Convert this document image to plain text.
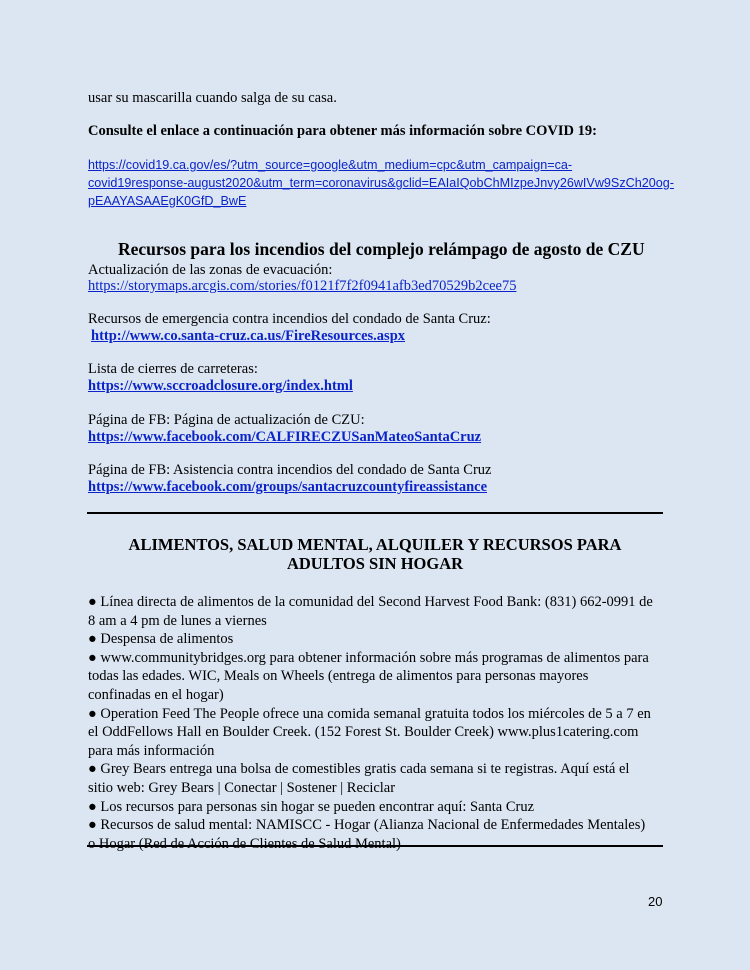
usar su mascarilla cuando salga de su casa.
Consulte el enlace a continuación para obtener más información sobre COVID 19:
https://covid19.ca.gov/es/?utm_source=google&utm_medium=cpc&utm_campaign=ca-
covid19response-august2020&utm_term=coronavirus&gclid=EAIaIQobChMIzpeJnvy26wIVw9SzCh20og-
pEAAYASAAEgK0GfD_BwE
Recursos para los incendios del complejo relámpago de agosto de CZU
Actualización de las zonas de evacuación:
https://storymaps.arcgis.com/stories/f0121f7f2f0941afb3ed70529b2cee75
Recursos de emergencia contra incendios del condado de Santa Cruz:
http://www.co.santa-cruz.ca.us/FireResources.aspx
Lista de cierres de carreteras:
https://www.sccroadclosure.org/index.html
Página de FB: Página de actualización de CZU:
https://www.facebook.com/CALFIRECZUSanMateoSantaCruz
Página de FB: Asistencia contra incendios del condado de Santa Cruz
https://www.facebook.com/groups/santacruzcountyfireassistance
ALIMENTOS, SALUD MENTAL, ALQUILER Y RECURSOS PARA
ADULTOS SIN HOGAR
● Línea directa de alimentos de la comunidad del Second Harvest Food Bank: (831) 662-0991 de
8 am a 4 pm de lunes a viernes
● Despensa de alimentos
● www.communitybridges.org para obtener información sobre más programas de alimentos para
todas las edades. WIC, Meals on Wheels (entrega de alimentos para personas mayores
confinadas en el hogar)
● Operation Feed The People ofrece una comida semanal gratuita todos los miércoles de 5 a 7 en
el OddFellows Hall en Boulder Creek. (152 Forest St. Boulder Creek) www.plus1catering.com
para más información
● Grey Bears entrega una bolsa de comestibles gratis cada semana si te registras. Aquí está el
sitio web: Grey Bears | Conectar | Sostener | Reciclar
● Los recursos para personas sin hogar se pueden encontrar aquí: Santa Cruz
● Recursos de salud mental: NAMISCC - Hogar (Alianza Nacional de Enfermedades Mentales)
o Hogar (Red de Acción de Clientes de Salud Mental)
20
